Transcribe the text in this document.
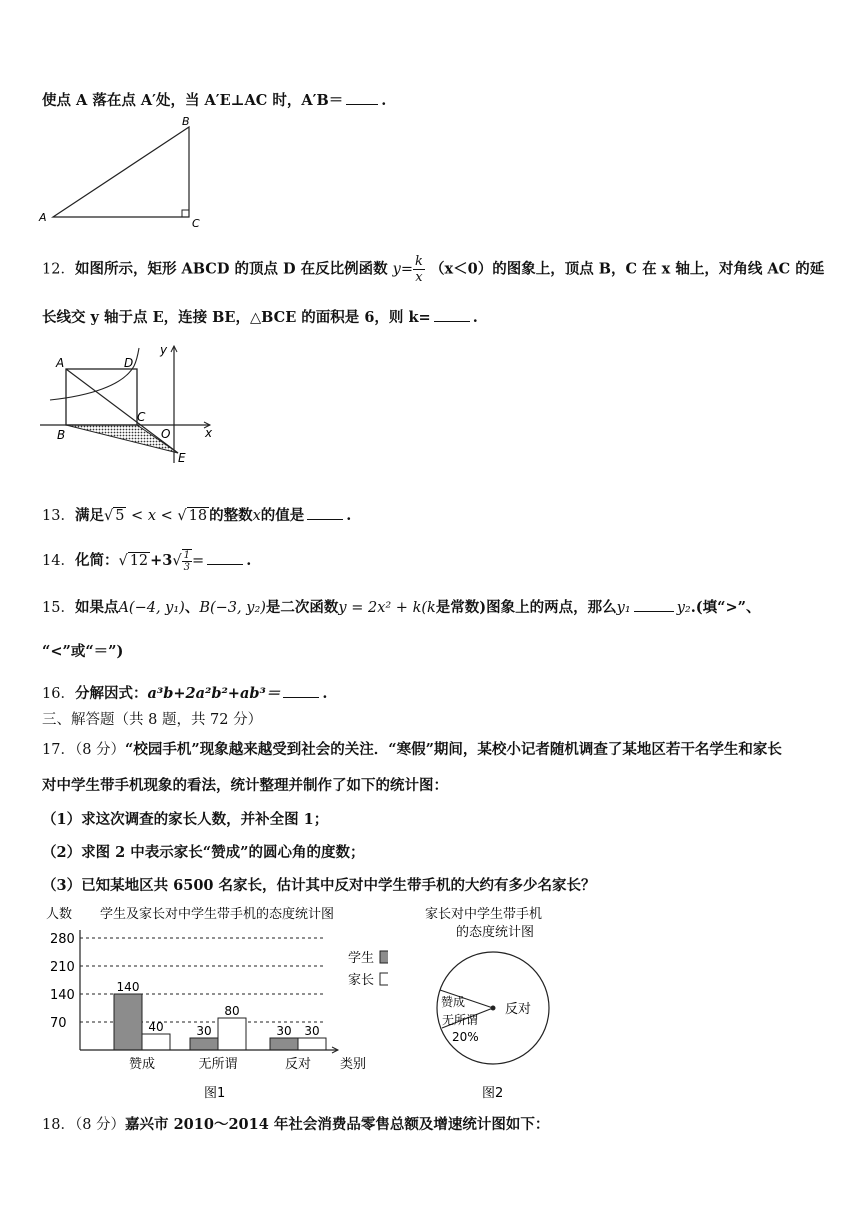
使点 A 落在点 A′处，当 A′E⊥AC 时，A′B＝	.
A
B
C
12．如图所示，矩形 ABCD 的顶点 D 在反比例函数 $y= \frac{k}{x} (x<0)$的图象上，顶点 B，C 在 x 轴上，对角线 AC 的延
长线交 y 轴于点 E，连接 BE，△BCE 的面积是 6，则 k=	.
A	D
B
C
O
E
x
y
13．满足√ 5 < x < √ 18 的整数x的值是	.
14．化简：√ $12 +3√ \frac{1}{3}$ =	.
15．如果点A(−4, y₁)、B(−3, y₂)是二次函数y = 2x² + k(k是常数)图象上的两点，那么y₁	y₂.(填“>”、
“<”或“＝”)
16．分解因式：a³b+2a²b²+ab³＝	.
三、解答题（共 8 题，共 72 分）
17．（8 分）“校园手机”现象越来越受到社会的关注．“寒假”期间，某校小记者随机调查了某地区若干名学生和家长
对中学生带手机现象的看法，统计整理并制作了如下的统计图：
（1）求这次调查的家长人数，并补全图 1；
（2）求图 2 中表示家长“赞成”的圆心角的度数；
（3）已知某地区共 6500 名家长，估计其中反对中学生带手机的大约有多少名家长？
人数 学生及家长对中学生带手机的态度统计图
70
140
210
280
140
40
赞成
30
80
无所谓
30 30
反对 类别
学生
家长
图1
家长对中学生带手机
的态度统计图
赞成	反对
无所谓
20%
图2
18．（8 分）嘉兴市 2010～2014 年社会消费品零售总额及增速统计图如下：
